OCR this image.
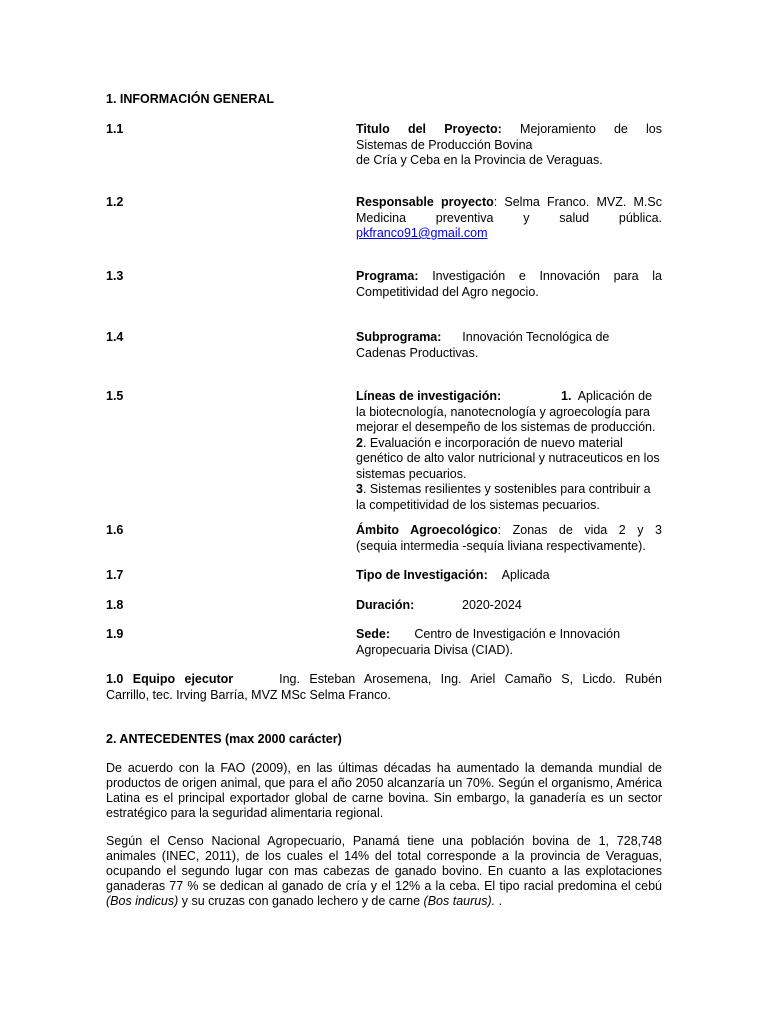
1. INFORMACIÓN GENERAL
1.1	Titulo del Proyecto: Mejoramiento de los
Sistemas de Producción Bovina
de Cría y Ceba en la Provincia de Veraguas.
1.2	Responsable proyecto: Selma Franco. MVZ. M.Sc
Medicina preventiva y salud pública.
pkfranco91@gmail.com
1.3	Programa: Investigación e Innovación para la
Competitividad del Agro negocio.
1.4	Subprograma: Innovación Tecnológica de
Cadenas Productivas.
1.5	Líneas de investigación:	1. Aplicación de
la biotecnología, nanotecnología y agroecología para
mejorar el desempeño de los sistemas de producción.
2. Evaluación e incorporación de nuevo material
genético de alto valor nutricional y nutraceuticos en los
sistemas pecuarios.
3. Sistemas resilientes y sostenibles para contribuir a
la competitividad de los sistemas pecuarios.
1.6	Ámbito Agroecológico: Zonas de vida 2 y 3
(sequia intermedia -sequía liviana respectivamente).
1.7	Tipo de Investigación: Aplicada
1.8	Duración:	2020-2024
1.9	Sede: Centro de Investigación e Innovación
Agropecuaria Divisa (CIAD).
1.0 Equipo ejecutor	Ing. Esteban Arosemena, Ing. Ariel Camaño S, Licdo. Rubén
Carrillo, tec. Irving Barría, MVZ MSc Selma Franco.
2. ANTECEDENTES (max 2000 carácter)

De acuerdo con la FAO (2009), en las últimas décadas ha aumentado la demanda mundial de productos de origen animal, que para el año 2050 alcanzaría un 70%. Según el organismo, América Latina es el principal exportador global de carne bovina. Sin embargo, la ganadería es un sector estratégico para la seguridad alimentaria regional.

Según el Censo Nacional Agropecuario, Panamá tiene una población bovina de 1, 728,748 animales (INEC, 2011), de los cuales el 14% del total corresponde a la provincia de Veraguas, ocupando el segundo lugar con mas cabezas de ganado bovino. En cuanto a las explotaciones ganaderas 77 % se dedican al ganado de cría y el 12% a la ceba. El tipo racial predomina el cebú (Bos indicus) y su cruzas con ganado lechero y de carne (Bos taurus). .
